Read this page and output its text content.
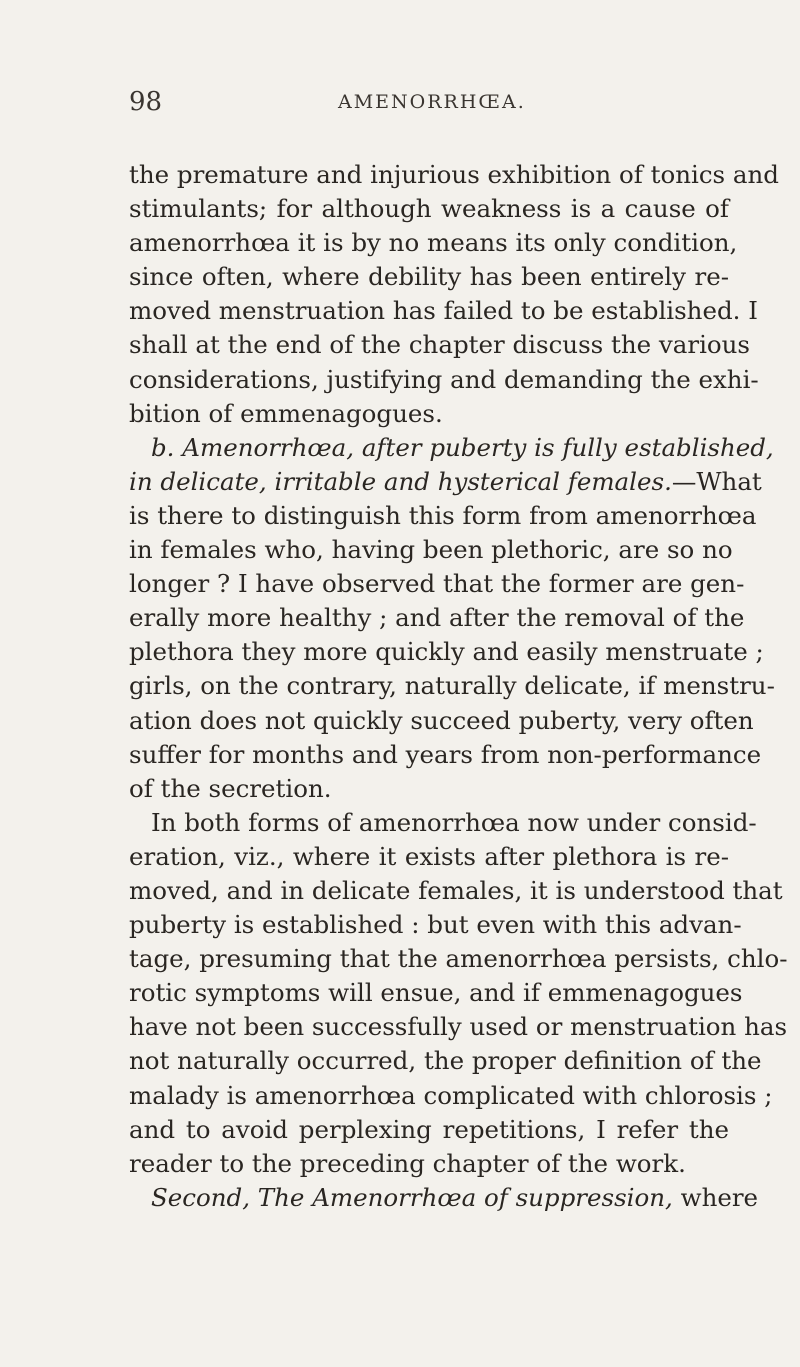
98	AMENORRHŒA.
the premature and injurious exhibition of tonics and
stimulants; for although weakness is a cause of
amenorrhœa it is by no means its only condition,
since often, where debility has been entirely re-
moved menstruation has failed to be established. I
shall at the end of the chapter discuss the various
considerations, justifying and demanding the exhi-
bition of emmenagogues.
b. Amenorrhœa, after puberty is fully established,
in delicate, irritable and hysterical females.—What
is there to distinguish this form from amenorrhœa
in females who, having been plethoric, are so no
longer ? I have observed that the former are gen-
erally more healthy ; and after the removal of the
plethora they more quickly and easily menstruate ;
girls, on the contrary, naturally delicate, if menstru-
ation does not quickly succeed puberty, very often
suffer for months and years from non-performance
of the secretion.
In both forms of amenorrhœa now under consid-
eration, viz., where it exists after plethora is re-
moved, and in delicate females, it is understood that
puberty is established : but even with this advan-
tage, presuming that the amenorrhœa persists, chlo-
rotic symptoms will ensue, and if emmenagogues
have not been successfully used or menstruation has
not naturally occurred, the proper definition of the
malady is amenorrhœa complicated with chlorosis ;
and to avoid perplexing repetitions, I refer the
reader to the preceding chapter of the work.
Second, The Amenorrhœa of suppression, where
